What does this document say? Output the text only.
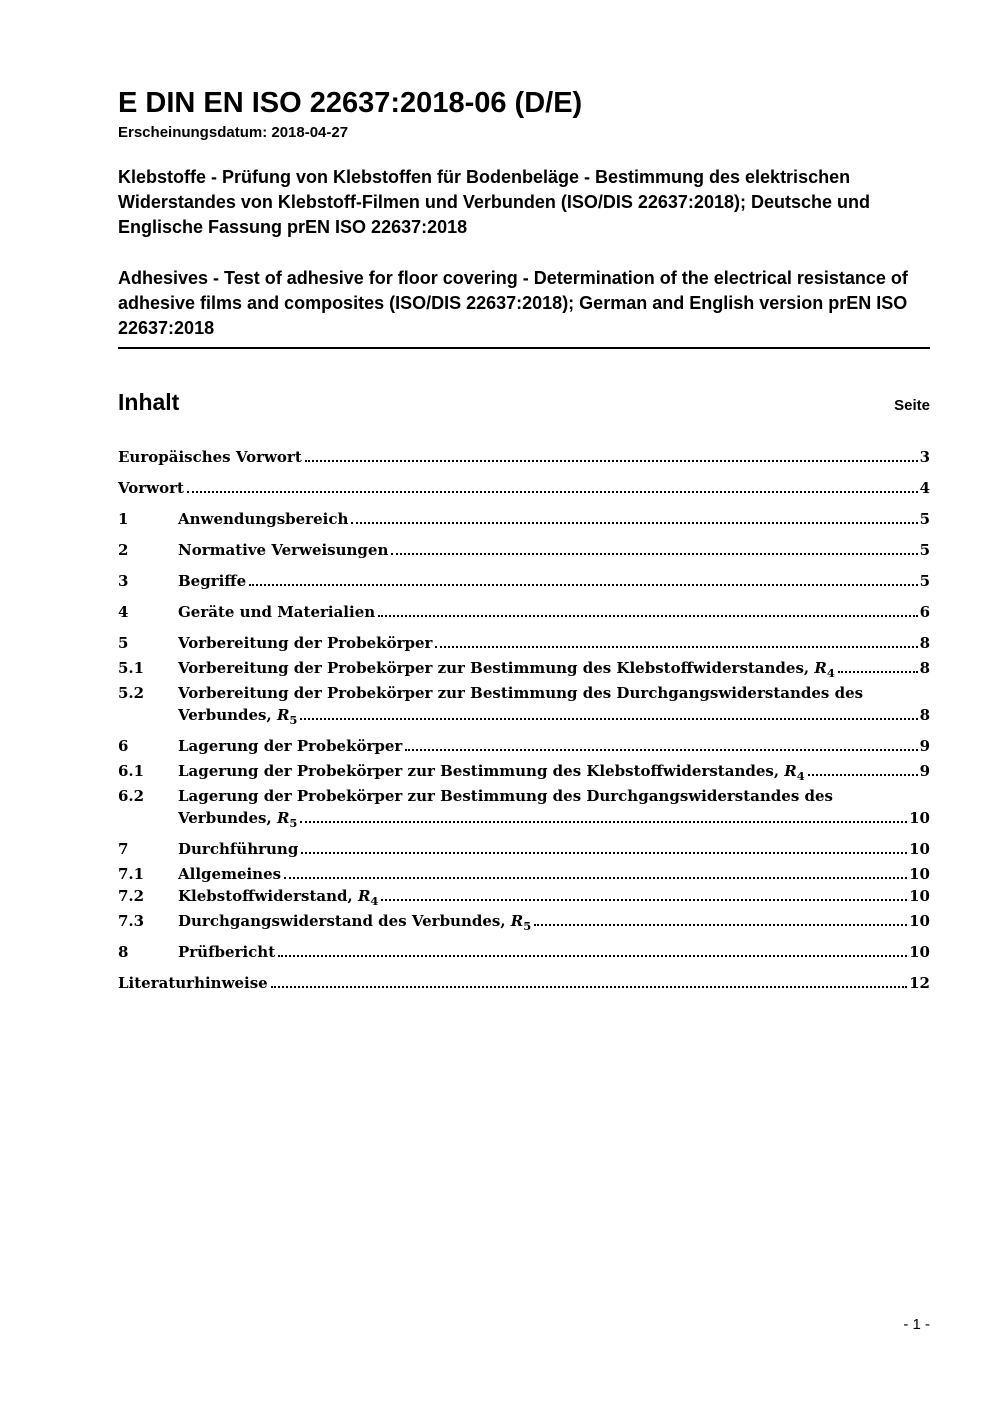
E DIN EN ISO 22637:2018-06 (D/E)
Erscheinungsdatum: 2018-04-27

Klebstoffe - Prüfung von Klebstoffen für Bodenbeläge - Bestimmung des elektrischen Widerstandes von Klebstoff-Filmen und Verbunden (ISO/DIS 22637:2018); Deutsche und Englische Fassung prEN ISO 22637:2018

Adhesives - Test of adhesive for floor covering - Determination of the electrical resistance of adhesive films and composites (ISO/DIS 22637:2018); German and English version prEN ISO 22637:2018

Inhalt	Seite
Europäisches Vorwort	3
Vorwort	4
1	Anwendungsbereich	5
2	Normative Verweisungen	5
3	Begriffe	5
4	Geräte und Materialien	6
5	Vorbereitung der Probekörper	8
5.1	Vorbereitung der Probekörper zur Bestimmung des Klebstoffwiderstandes, $R_4$	8
5.2	Vorbereitung der Probekörper zur Bestimmung des Durchgangswiderstandes des
Verbundes, $R_5$	8
6	Lagerung der Probekörper	9
6.1	Lagerung der Probekörper zur Bestimmung des Klebstoffwiderstandes, $R_4$	9
6.2	Lagerung der Probekörper zur Bestimmung des Durchgangswiderstandes des
Verbundes, $R_5$	10
7	Durchführung	10
7.1	Allgemeines	10
7.2	Klebstoffwiderstand, $R_4$	10
7.3	Durchgangswiderstand des Verbundes, $R_5$	10
8	Prüfbericht	10
Literaturhinweise	12
- 1 -
